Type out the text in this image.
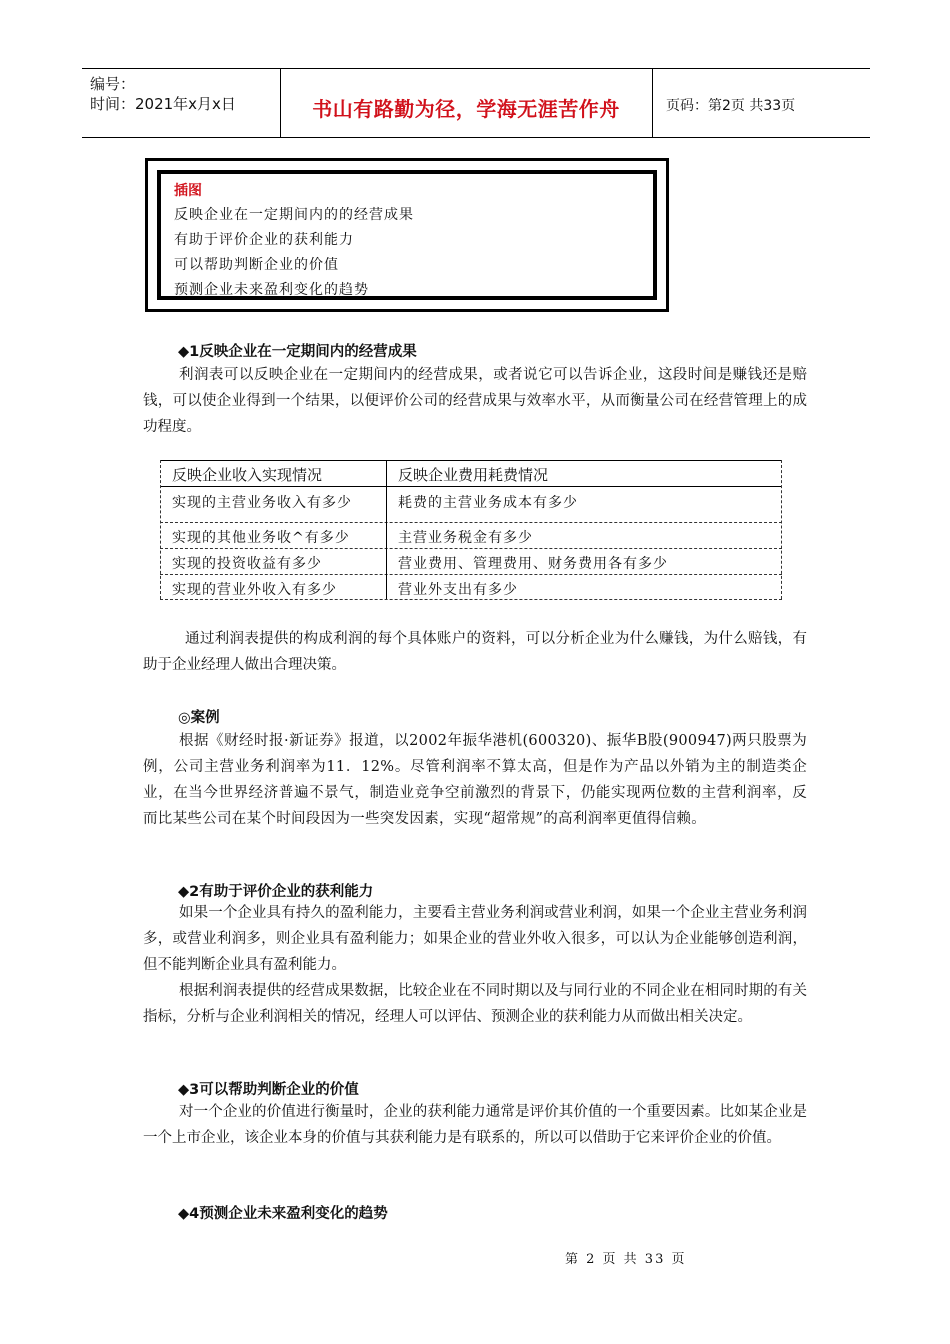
编号：
时间：2021年x月x日	书山有路勤为径，学海无涯苦作舟	页码：第2页 共33页
插图
反映企业在一定期间内的的经营成果
有助于评价企业的获利能力
可以帮助判断企业的价值
预测企业未来盈利变化的趋势
◆1反映企业在一定期间内的经营成果

利润表可以反映企业在一定期间内的经营成果，或者说它可以告诉企业，这段时间是赚钱还是赔钱，可以使企业得到一个结果，以便评价公司的经营成果与效率水平，从而衡量公司在经营管理上的成功程度。

反映企业收入实现情况	反映企业费用耗费情况
实现的主营业务收入有多少	耗费的主营业务成本有多少
实现的其他业务收^有多少	主营业务税金有多少
实现的投资收益有多少	营业费用、管理费用、财务费用各有多少
实现的营业外收入有多少	营业外支出有多少

通过利润表提供的构成利润的每个具体账户的资料，可以分析企业为什么赚钱，为什么赔钱，有助于企业经理人做出合理决策。

◎案例

根据《财经时报·新证券》报道，以2002年振华港机(600320)、振华B股(900947)两只股票为例，公司主营业务利润率为11．12%。尽管利润率不算太高，但是作为产品以外销为主的制造类企业，在当今世界经济普遍不景气，制造业竞争空前激烈的背景下，仍能实现两位数的主营利润率，反而比某些公司在某个时间段因为一些突发因素，实现“超常规”的高利润率更值得信赖。

◆2有助于评价企业的获利能力

如果一个企业具有持久的盈利能力，主要看主营业务利润或营业利润，如果一个企业主营业务利润多，或营业利润多，则企业具有盈利能力；如果企业的营业外收入很多，可以认为企业能够创造利润，但不能判断企业具有盈利能力。

根据利润表提供的经营成果数据，比较企业在不同时期以及与同行业的不同企业在相同时期的有关指标，分析与企业利润相关的情况，经理人可以评估、预测企业的获利能力从而做出相关决定。

◆3可以帮助判断企业的价值

对一个企业的价值进行衡量时，企业的获利能力通常是评价其价值的一个重要因素。比如某企业是一个上市企业，该企业本身的价值与其获利能力是有联系的，所以可以借助于它来评价企业的价值。

◆4预测企业未来盈利变化的趋势
第 2 页 共 33 页
